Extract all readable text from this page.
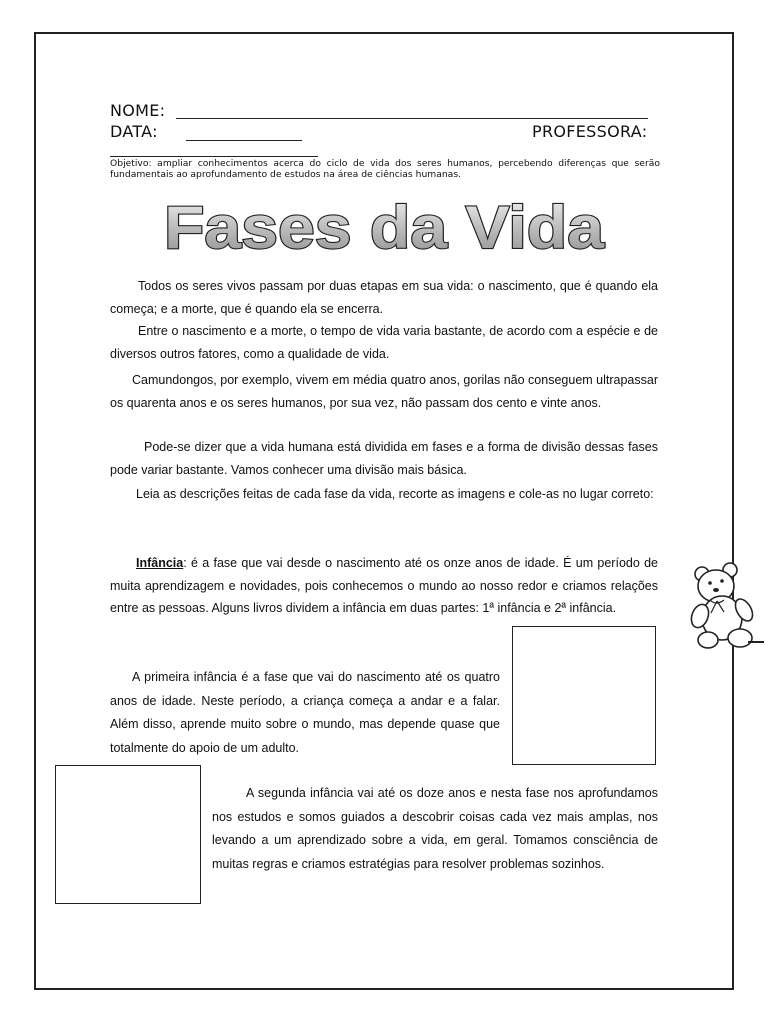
NOME:
DATA:	PROFESSORA:
Objetivo: ampliar conhecimentos acerca do ciclo de vida dos seres humanos, percebendo diferenças que serão fundamentais ao aprofundamento de estudos na área de ciências humanas.
Fases da Vida
Todos os seres vivos passam por duas etapas em sua vida: o nascimento, que é quando ela começa; e a morte, que é quando ela se encerra.
Entre o nascimento e a morte, o tempo de vida varia bastante, de acordo com a espécie e de diversos outros fatores, como a qualidade de vida.
Camundongos, por exemplo, vivem em média quatro anos, gorilas não conseguem ultrapassar os quarenta anos e os seres humanos, por sua vez, não passam dos cento e vinte anos.
Pode-se dizer que a vida humana está dividida em fases e a forma de divisão dessas fases pode variar bastante. Vamos conhecer uma divisão mais básica.
Leia as descrições feitas de cada fase da vida, recorte as imagens e cole-as no lugar correto:
Infância: é a fase que vai desde o nascimento até os onze anos de idade. É um período de muita aprendizagem e novidades, pois conhecemos o mundo ao nosso redor e criamos relações entre as pessoas. Alguns livros dividem a infância em duas partes: 1ª infância e 2ª infância.
A primeira infância é a fase que vai do nascimento até os quatro anos de idade. Neste período, a criança começa a andar e a falar. Além disso, aprende muito sobre o mundo, mas depende quase que totalmente do apoio de um adulto.
A segunda infância vai até os doze anos e nesta fase nos aprofundamos nos estudos e somos guiados a descobrir coisas cada vez mais amplas, nos levando a um aprendizado sobre a vida, em geral. Tomamos consciência de muitas regras e criamos estratégias para resolver problemas sozinhos.
